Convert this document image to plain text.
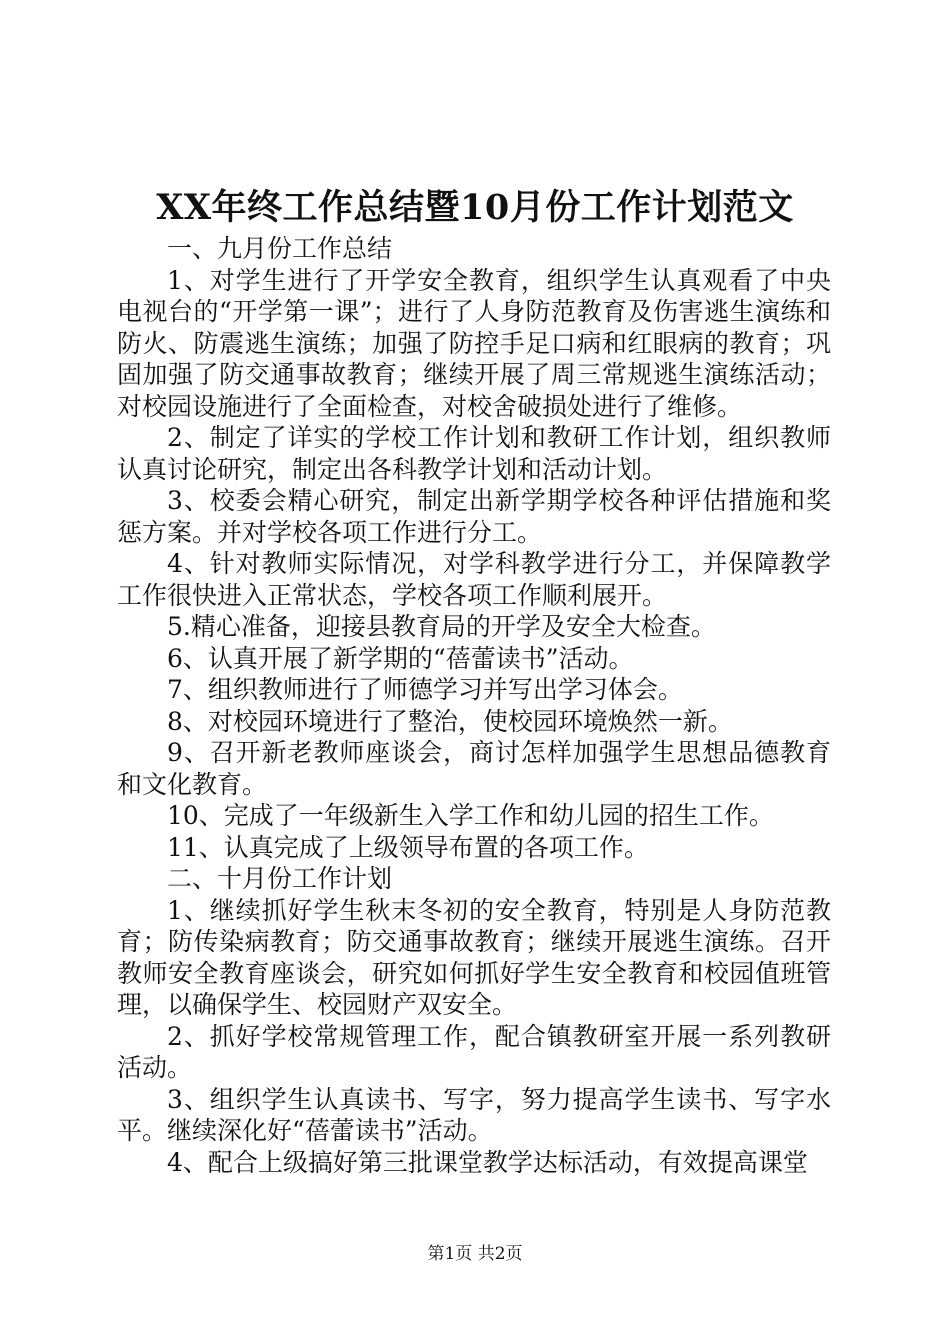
XX年终工作总结暨10月份工作计划范文

一、九月份工作总结

1、对学生进行了开学安全教育，组织学生认真观看了中央电视台的“开学第一课”；进行了人身防范教育及伤害逃生演练和防火、防震逃生演练；加强了防控手足口病和红眼病的教育；巩固加强了防交通事故教育；继续开展了周三常规逃生演练活动；对校园设施进行了全面检查，对校舍破损处进行了维修。

2、制定了详实的学校工作计划和教研工作计划，组织教师认真讨论研究，制定出各科教学计划和活动计划。

3、校委会精心研究，制定出新学期学校各种评估措施和奖惩方案。并对学校各项工作进行分工。

4、针对教师实际情况，对学科教学进行分工，并保障教学工作很快进入正常状态，学校各项工作顺利展开。

5.精心准备，迎接县教育局的开学及安全大检查。

6、认真开展了新学期的“蓓蕾读书”活动。

7、组织教师进行了师德学习并写出学习体会。

8、对校园环境进行了整治，使校园环境焕然一新。

9、召开新老教师座谈会，商讨怎样加强学生思想品德教育和文化教育。

10、完成了一年级新生入学工作和幼儿园的招生工作。

11、认真完成了上级领导布置的各项工作。

二、十月份工作计划

1、继续抓好学生秋末冬初的安全教育，特别是人身防范教育；防传染病教育；防交通事故教育；继续开展逃生演练。召开教师安全教育座谈会，研究如何抓好学生安全教育和校园值班管理，以确保学生、校园财产双安全。

2、抓好学校常规管理工作，配合镇教研室开展一系列教研活动。

3、组织学生认真读书、写字，努力提高学生读书、写字水平。继续深化好“蓓蕾读书”活动。

4、配合上级搞好第三批课堂教学达标活动，有效提高课堂

第1页 共2页
